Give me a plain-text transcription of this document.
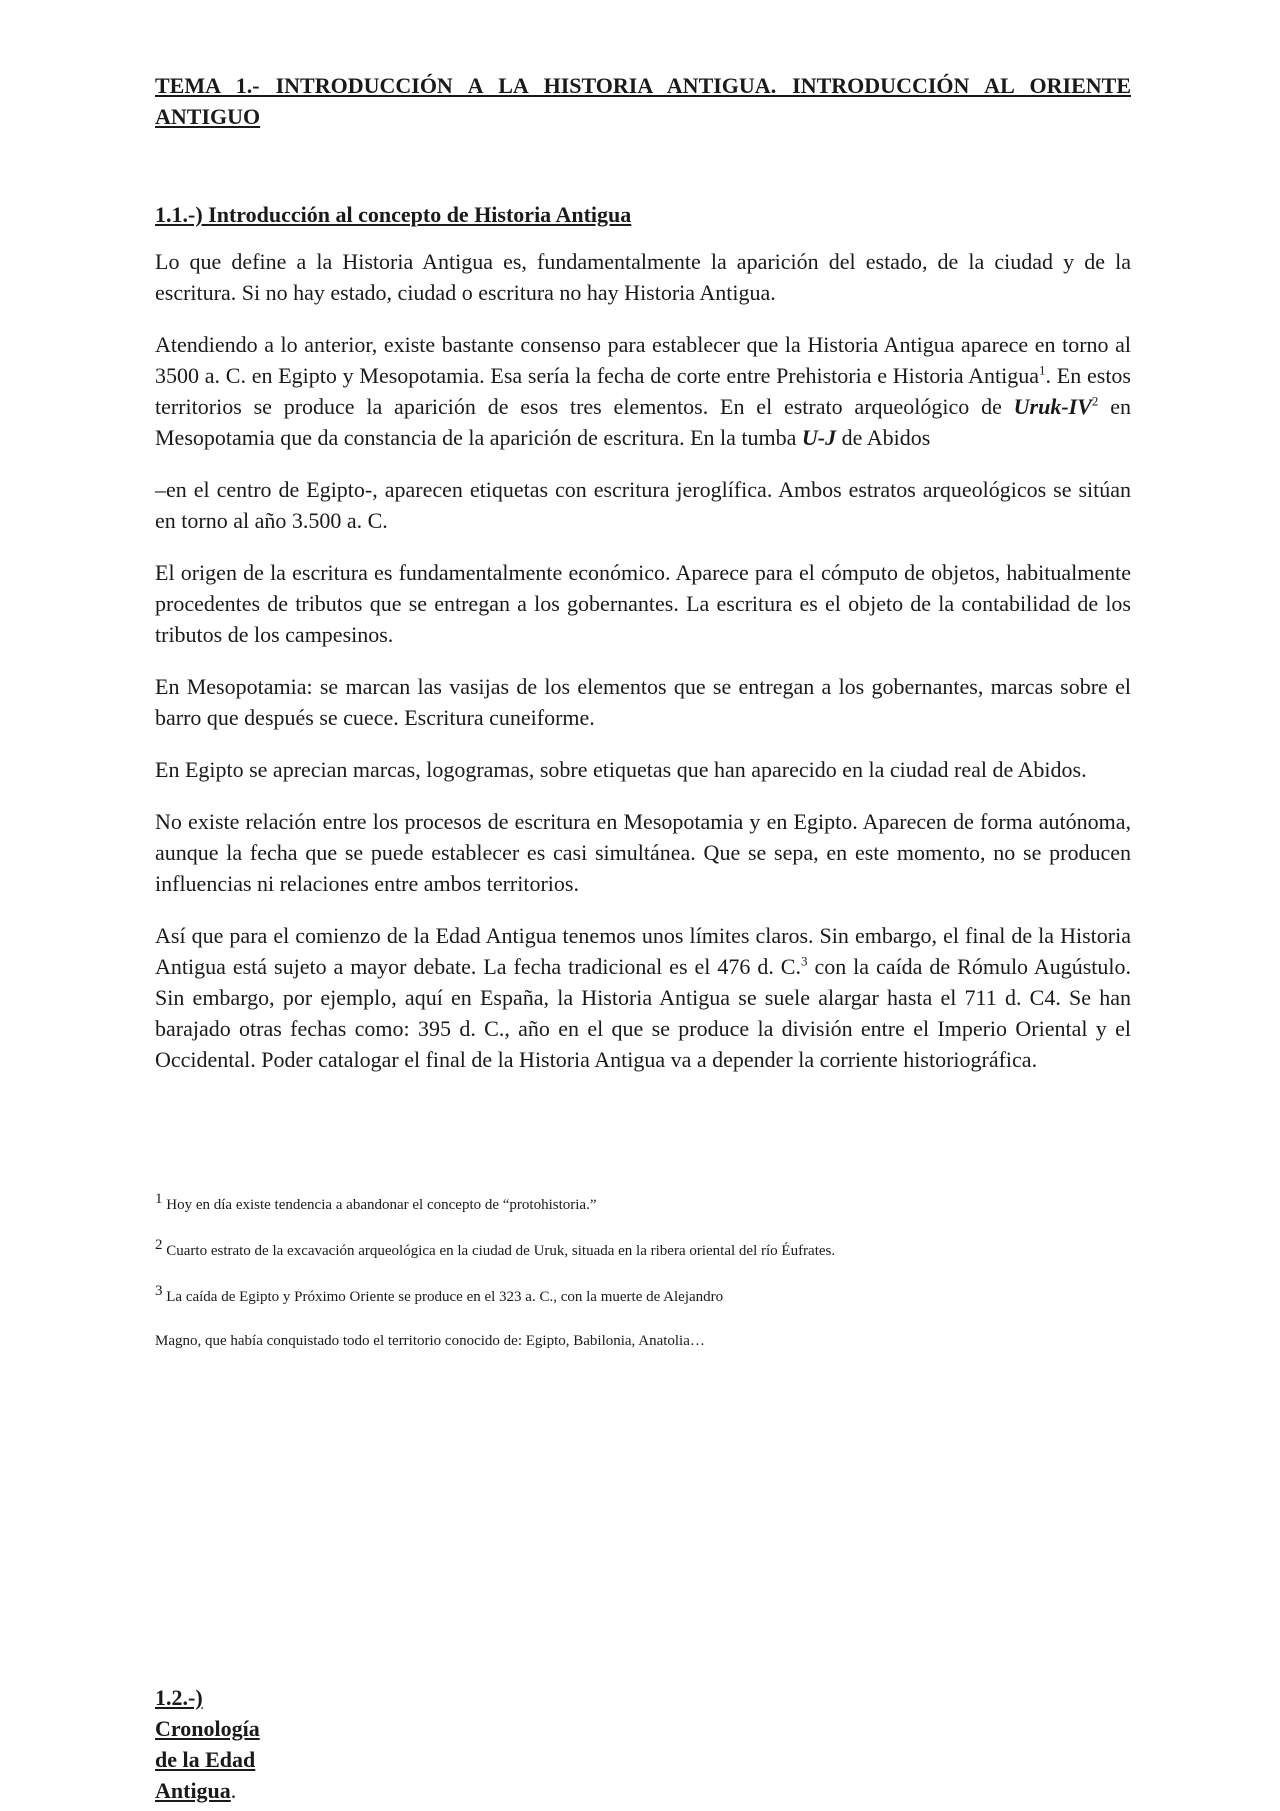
TEMA 1.- INTRODUCCIÓN A LA HISTORIA ANTIGUA. INTRODUCCIÓN AL ORIENTE ANTIGUO
1.1.-) Introducción al concepto de Historia Antigua

Lo que define a la Historia Antigua es, fundamentalmente la aparición del estado, de la ciudad y de la escritura. Si no hay estado, ciudad o escritura no hay Historia Antigua.

Atendiendo a lo anterior, existe bastante consenso para establecer que la Historia Antigua aparece en torno al 3500 a. C. en Egipto y Mesopotamia. Esa sería la fecha de corte entre Prehistoria e Historia Antigua$^1$. En estos territorios se produce la aparición de esos tres elementos. En el estrato arqueológico de Uruk-$IV^2$ en Mesopotamia que da constancia de la aparición de escritura. En la tumba U-J de Abidos

–en el centro de Egipto-, aparecen etiquetas con escritura jeroglífica. Ambos estratos arqueológicos se sitúan en torno al año 3.500 a. C.

El origen de la escritura es fundamentalmente económico. Aparece para el cómputo de objetos, habitualmente procedentes de tributos que se entregan a los gobernantes. La escritura es el objeto de la contabilidad de los tributos de los campesinos.

En Mesopotamia: se marcan las vasijas de los elementos que se entregan a los gobernantes, marcas sobre el barro que después se cuece. Escritura cuneiforme.

En Egipto se aprecian marcas, logogramas, sobre etiquetas que han aparecido en la ciudad real de Abidos.

No existe relación entre los procesos de escritura en Mesopotamia y en Egipto. Aparecen de forma autónoma, aunque la fecha que se puede establecer es casi simultánea. Que se sepa, en este momento, no se producen influencias ni relaciones entre ambos territorios.

Así que para el comienzo de la Edad Antigua tenemos unos límites claros. Sin embargo, el final de la Historia Antigua está sujeto a mayor debate. La fecha tradicional es el 476 d. C.$^3$ con la caída de Rómulo Augústulo. Sin embargo, por ejemplo, aquí en España, la Historia Antigua se suele alargar hasta el 711 d. C4. Se han barajado otras fechas como: 395 d. C., año en el que se produce la división entre el Imperio Oriental y el Occidental. Poder catalogar el final de la Historia Antigua va a depender la corriente historiográfica.

$^1$ Hoy en día existe tendencia a abandonar el concepto de “protohistoria.”

$^2$ Cuarto estrato de la excavación arqueológica en la ciudad de Uruk, situada en la ribera oriental del río Éufrates.

$^3$ La caída de Egipto y Próximo Oriente se produce en el 323 a. C., con la muerte de Alejandro

Magno, que había conquistado todo el territorio conocido de: Egipto, Babilonia, Anatolia…

1.2.-) Cronología de la Edad Antigua.
